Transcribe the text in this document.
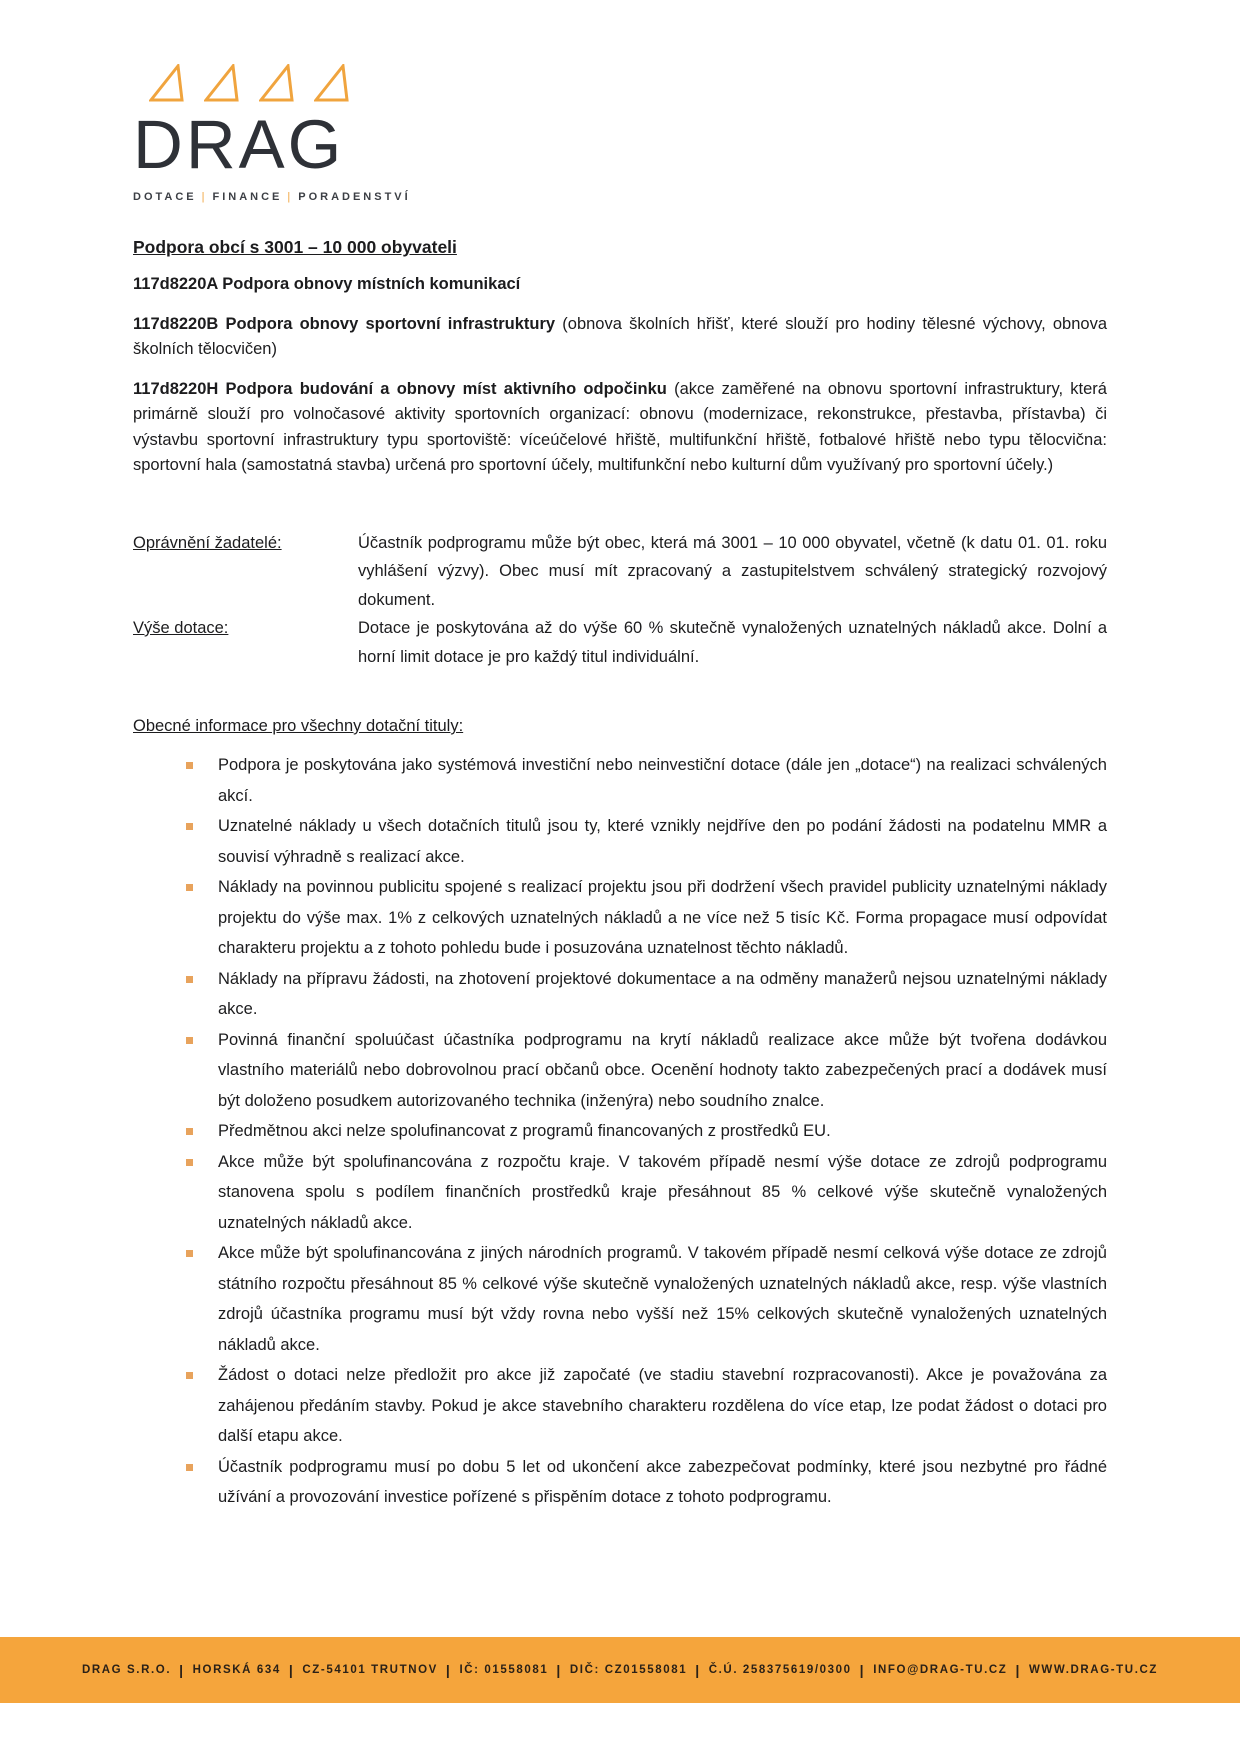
DRAG
DOTACE | FINANCE | PORADENSTVÍ
Podpora obcí s 3001 – 10 000 obyvateli

117d8220A Podpora obnovy místních komunikací

117d8220B Podpora obnovy sportovní infrastruktury (obnova školních hřišť, které slouží pro hodiny tělesné výchovy, obnova školních tělocvičen)

117d8220H Podpora budování a obnovy míst aktivního odpočinku (akce zaměřené na obnovu sportovní infrastruktury, která primárně slouží pro volnočasové aktivity sportovních organizací: obnovu (modernizace, rekonstrukce, přestavba, přístavba) či výstavbu sportovní infrastruktury typu sportoviště: víceúčelové hřiště, multifunkční hřiště, fotbalové hřiště nebo typu tělocvična: sportovní hala (samostatná stavba) určená pro sportovní účely, multifunkční nebo kulturní dům využívaný pro sportovní účely.)

Oprávnění žadatelé:	Účastník podprogramu může být obec, která má 3001 – 10 000 obyvatel, včetně (k datu 01. 01. roku vyhlášení výzvy). Obec musí mít zpracovaný a zastupitelstvem schválený strategický rozvojový dokument.
Výše dotace:	Dotace je poskytována až do výše 60 % skutečně vynaložených uznatelných nákladů akce. Dolní a horní limit dotace je pro každý titul individuální.
Obecné informace pro všechny dotační tituly:
Podpora je poskytována jako systémová investiční nebo neinvestiční dotace (dále jen „dotace“) na realizaci schválených akcí.
Uznatelné náklady u všech dotačních titulů jsou ty, které vznikly nejdříve den po podání žádosti na podatelnu MMR a souvisí výhradně s realizací akce.
Náklady na povinnou publicitu spojené s realizací projektu jsou při dodržení všech pravidel publicity uznatelnými náklady projektu do výše max. 1% z celkových uznatelných nákladů a ne více než 5 tisíc Kč. Forma propagace musí odpovídat charakteru projektu a z tohoto pohledu bude i posuzována uznatelnost těchto nákladů.
Náklady na přípravu žádosti, na zhotovení projektové dokumentace a na odměny manažerů nejsou uznatelnými náklady akce.
Povinná finanční spoluúčast účastníka podprogramu na krytí nákladů realizace akce může být tvořena dodávkou vlastního materiálů nebo dobrovolnou prací občanů obce. Ocenění hodnoty takto zabezpečených prací a dodávek musí být doloženo posudkem autorizovaného technika (inženýra) nebo soudního znalce.
Předmětnou akci nelze spolufinancovat z programů financovaných z prostředků EU.
Akce může být spolufinancována z rozpočtu kraje. V takovém případě nesmí výše dotace ze zdrojů podprogramu stanovena spolu s podílem finančních prostředků kraje přesáhnout 85 % celkové výše skutečně vynaložených uznatelných nákladů akce.
Akce může být spolufinancována z jiných národních programů. V takovém případě nesmí celková výše dotace ze zdrojů státního rozpočtu přesáhnout 85 % celkové výše skutečně vynaložených uznatelných nákladů akce, resp. výše vlastních zdrojů účastníka programu musí být vždy rovna nebo vyšší než 15% celkových skutečně vynaložených uznatelných nákladů akce.
Žádost o dotaci nelze předložit pro akce již započaté (ve stadiu stavební rozpracovanosti). Akce je považována za zahájenou předáním stavby. Pokud je akce stavebního charakteru rozdělena do více etap, lze podat žádost o dotaci pro další etapu akce.
Účastník podprogramu musí po dobu 5 let od ukončení akce zabezpečovat podmínky, které jsou nezbytné pro řádné užívání a provozování investice pořízené s přispěním dotace z tohoto podprogramu.
DRAG S.R.O. | HORSKÁ 634 | CZ-54101 TRUTNOV | IČ: 01558081 | DIČ: CZ01558081 | Č.Ú. 258375619/0300 | INFO@DRAG-TU.CZ | WWW.DRAG-TU.CZ
